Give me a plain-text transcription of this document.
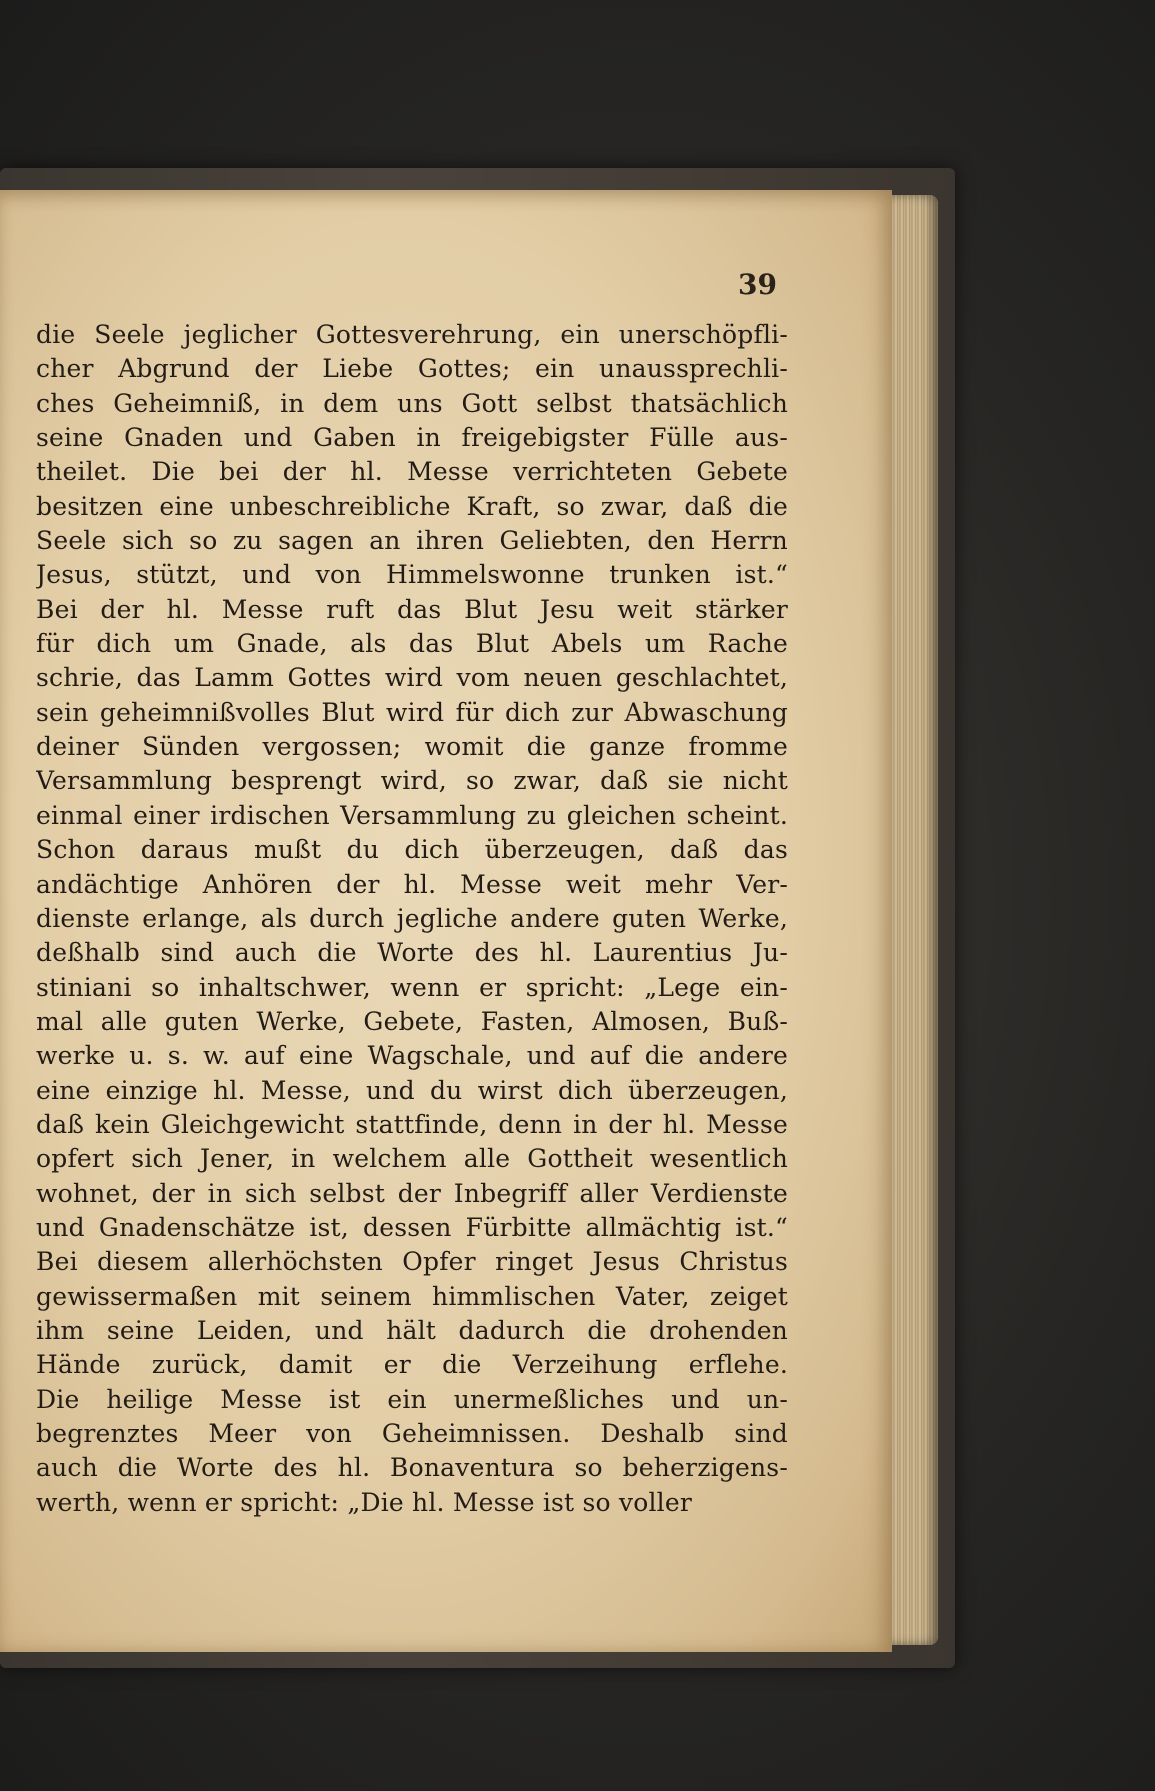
39
die Seele jeglicher Gottesverehrung, ein unerschöpfli-
cher Abgrund der Liebe Gottes; ein unaussprechli-
ches Geheimniß, in dem uns Gott selbst thatsächlich
seine Gnaden und Gaben in freigebigster Fülle aus-
theilet. Die bei der hl. Messe verrichteten Gebete
besitzen eine unbeschreibliche Kraft, so zwar, daß die
Seele sich so zu sagen an ihren Geliebten, den Herrn
Jesus, stützt, und von Himmelswonne trunken ist.“
Bei der hl. Messe ruft das Blut Jesu weit stärker
für dich um Gnade, als das Blut Abels um Rache
schrie, das Lamm Gottes wird vom neuen geschlachtet,
sein geheimnißvolles Blut wird für dich zur Abwaschung
deiner Sünden vergossen; womit die ganze fromme
Versammlung besprengt wird, so zwar, daß sie nicht
einmal einer irdischen Versammlung zu gleichen scheint.
Schon daraus mußt du dich überzeugen, daß das
andächtige Anhören der hl. Messe weit mehr Ver-
dienste erlange, als durch jegliche andere guten Werke,
deßhalb sind auch die Worte des hl. Laurentius Ju-
stiniani so inhaltschwer, wenn er spricht: „Lege ein-
mal alle guten Werke, Gebete, Fasten, Almosen, Buß-
werke u. s. w. auf eine Wagschale, und auf die andere
eine einzige hl. Messe, und du wirst dich überzeugen,
daß kein Gleichgewicht stattfinde, denn in der hl. Messe
opfert sich Jener, in welchem alle Gottheit wesentlich
wohnet, der in sich selbst der Inbegriff aller Verdienste
und Gnadenschätze ist, dessen Fürbitte allmächtig ist.“
Bei diesem allerhöchsten Opfer ringet Jesus Christus
gewissermaßen mit seinem himmlischen Vater, zeiget
ihm seine Leiden, und hält dadurch die drohenden
Hände zurück, damit er die Verzeihung erflehe.
Die heilige Messe ist ein unermeßliches und un-
begrenztes Meer von Geheimnissen. Deshalb sind
auch die Worte des hl. Bonaventura so beherzigens-
werth, wenn er spricht: „Die hl. Messe ist so voller
